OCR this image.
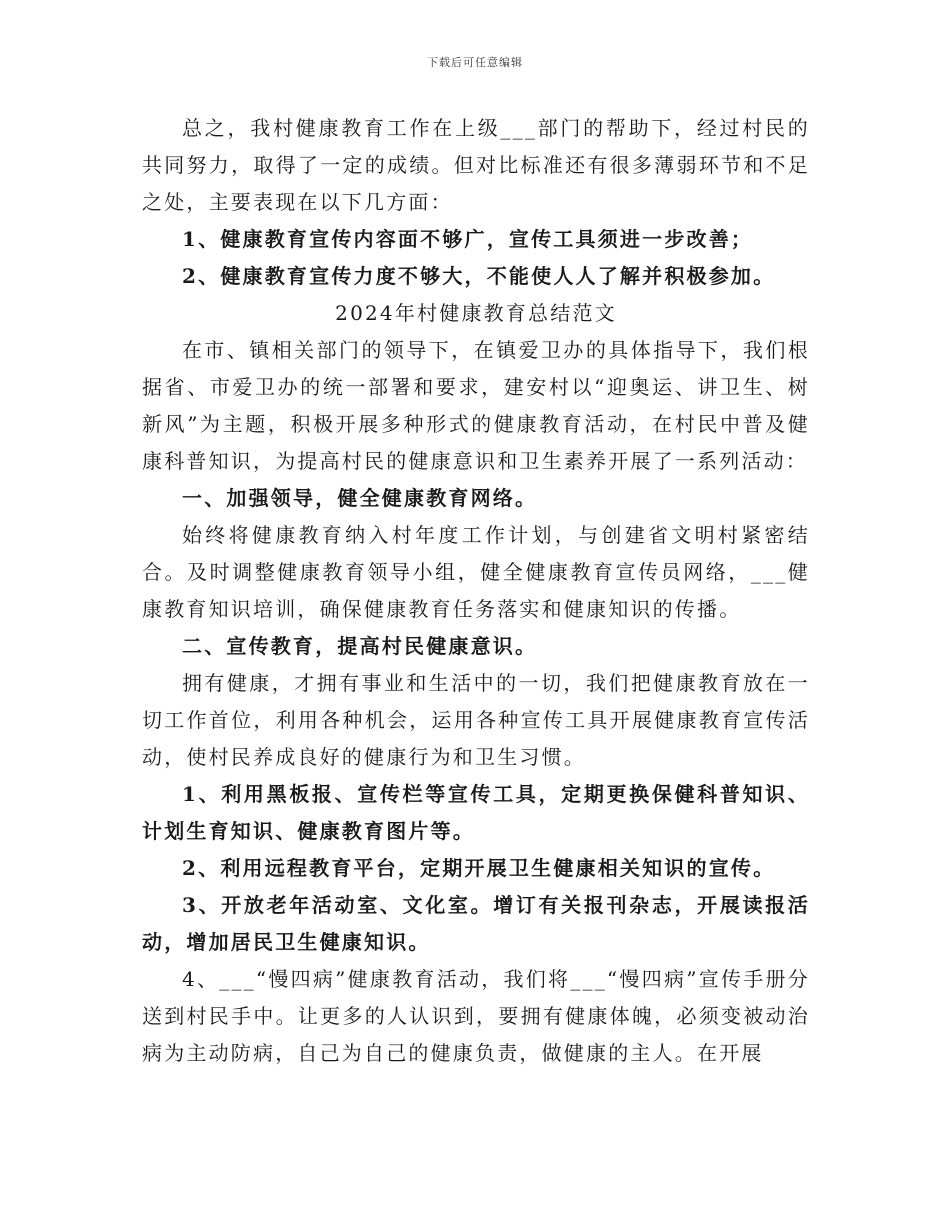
下载后可任意编辑

总之，我村健康教育工作在上级___部门的帮助下，经过村民的共同努力，取得了一定的成绩。但对比标准还有很多薄弱环节和不足之处，主要表现在以下几方面：

1、健康教育宣传内容面不够广，宣传工具须进一步改善；

2、健康教育宣传力度不够大，不能使人人了解并积极参加。

2024年村健康教育总结范文

在市、镇相关部门的领导下，在镇爱卫办的具体指导下，我们根据省、市爱卫办的统一部署和要求，建安村以“迎奥运、讲卫生、树新风”为主题，积极开展多种形式的健康教育活动，在村民中普及健康科普知识，为提高村民的健康意识和卫生素养开展了一系列活动：

一、加强领导，健全健康教育网络。

始终将健康教育纳入村年度工作计划，与创建省文明村紧密结合。及时调整健康教育领导小组，健全健康教育宣传员网络，___健康教育知识培训，确保健康教育任务落实和健康知识的传播。

二、宣传教育，提高村民健康意识。

拥有健康，才拥有事业和生活中的一切，我们把健康教育放在一切工作首位，利用各种机会，运用各种宣传工具开展健康教育宣传活动，使村民养成良好的健康行为和卫生习惯。

1、利用黑板报、宣传栏等宣传工具，定期更换保健科普知识、计划生育知识、健康教育图片等。

2、利用远程教育平台，定期开展卫生健康相关知识的宣传。

3、开放老年活动室、文化室。增订有关报刊杂志，开展读报活动，增加居民卫生健康知识。

4、___“慢四病”健康教育活动，我们将___“慢四病”宣传手册分送到村民手中。让更多的人认识到，要拥有健康体魄，必须变被动治病为主动防病，自己为自己的健康负责，做健康的主人。在开展
